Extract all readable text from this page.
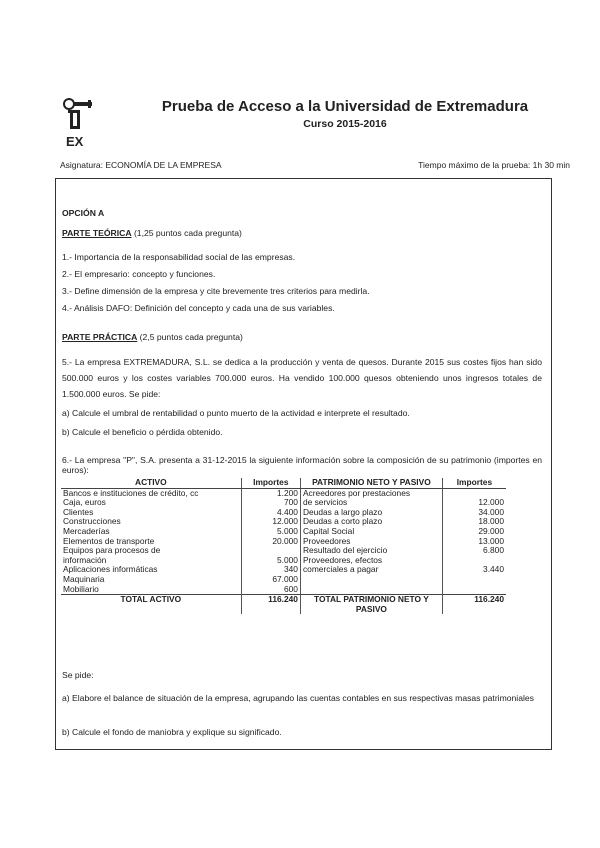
EX
Prueba de Acceso a la Universidad de Extremadura
Curso 2015-2016
Asignatura: ECONOMÍA DE LA EMPRESA	Tiempo máximo de la prueba: 1h 30 min
OPCIÓN A
PARTE TEÓRICA (1,25 puntos cada pregunta)
1.- Importancia de la responsabilidad social de las empresas.
2.- El empresario: concepto y funciones.
3.- Define dimensión de la empresa y cite brevemente tres criterios para medirla.
4.- Análisis DAFO: Definición del concepto y cada una de sus variables.
PARTE PRÁCTICA (2,5 puntos cada pregunta)
5.- La empresa EXTREMADURA, S.L. se dedica a la producción y venta de quesos. Durante 2015 sus costes fijos han sido 500.000 euros y los costes variables 700.000 euros. Ha vendido 100.000 quesos obteniendo unos ingresos totales de 1.500.000 euros. Se pide:
a) Calcule el umbral de rentabilidad o punto muerto de la actividad e interprete el resultado.
b) Calcule el beneficio o pérdida obtenido.
6.- La empresa "P", S.A. presenta a 31-12-2015 la siguiente información sobre la composición de su patrimonio (importes en euros):
ACTIVO	Importes	PATRIMONIO NETO Y PASIVO	Importes
Bancos e instituciones de crédito, cc	1.200	Acreedores por prestaciones	
Caja, euros	700	de servicios	12.000
Clientes	4.400	Deudas a largo plazo	34.000
Construcciones	12.000	Deudas a corto plazo	18.000
Mercaderías	5.000	Capital Social	29.000
Elementos de transporte	20.000	Proveedores	13.000
Equipos para procesos de		Resultado del ejercicio	6.800
información	5.000	Proveedores, efectos	
Aplicaciones informáticas	340	comerciales a pagar	3.440
Maquinaria	67.000		
Mobiliario	600		
TOTAL ACTIVO	116.240	TOTAL PATRIMONIO NETO Y PASIVO	116.240
Se pide:
a) Elabore el balance de situación de la empresa, agrupando las cuentas contables en sus respectivas masas patrimoniales
b) Calcule el fondo de maniobra y explique su significado.
